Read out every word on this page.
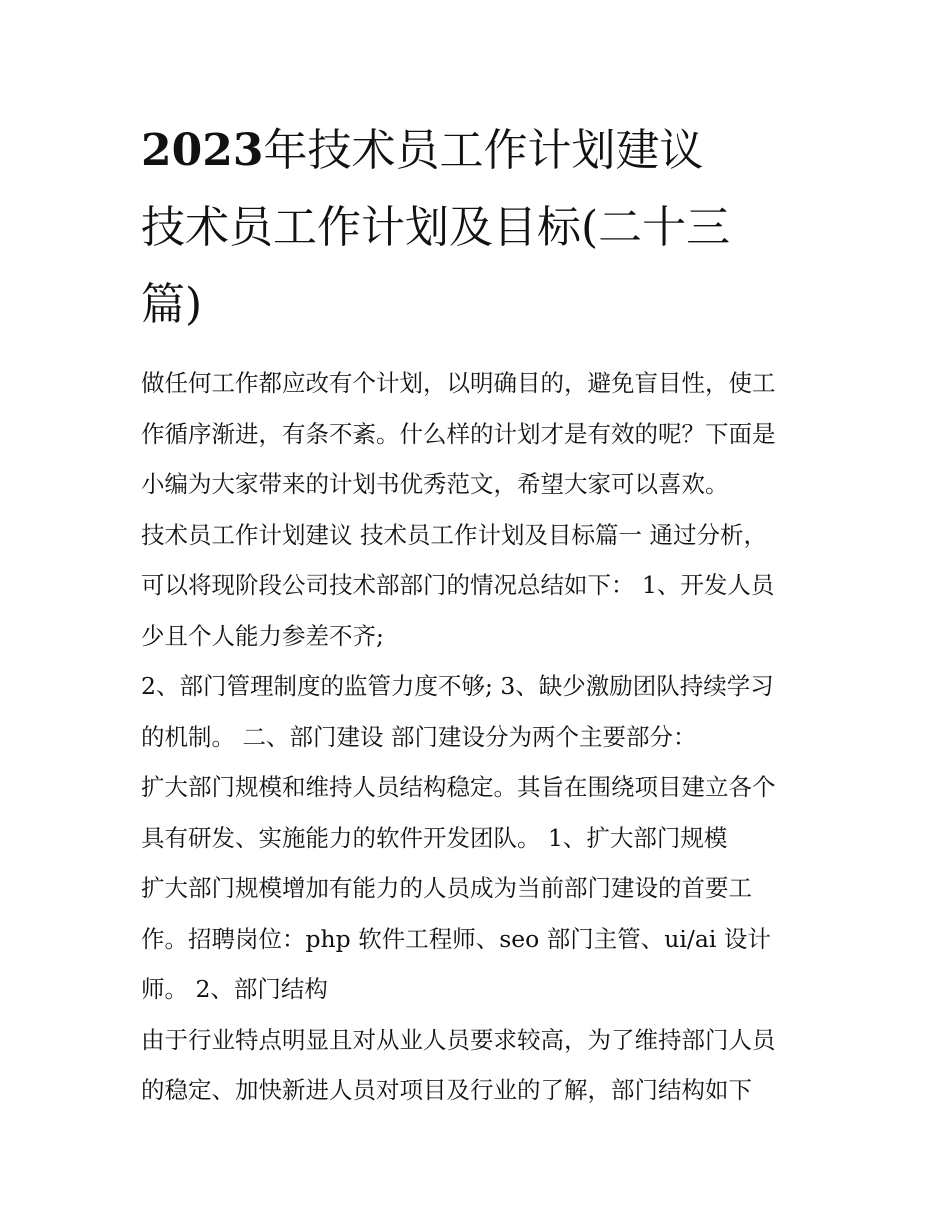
2023年技术员工作计划建议
技术员工作计划及目标(二十三
篇)
做任何工作都应改有个计划，以明确目的，避免盲目性，使工
作循序渐进，有条不紊。什么样的计划才是有效的呢？下面是
小编为大家带来的计划书优秀范文，希望大家可以喜欢。
技术员工作计划建议 技术员工作计划及目标篇一 通过分析，
可以将现阶段公司技术部部门的情况总结如下： 1、开发人员
少且个人能力参差不齐;
2、部门管理制度的监管力度不够; 3、缺少激励团队持续学习
的机制。 二、部门建设 部门建设分为两个主要部分：
扩大部门规模和维持人员结构稳定。其旨在围绕项目建立各个
具有研发、实施能力的软件开发团队。 1、扩大部门规模
扩大部门规模增加有能力的人员成为当前部门建设的首要工
作。招聘岗位：php 软件工程师、seo 部门主管、ui/ai 设计
师。 2、部门结构
由于行业特点明显且对从业人员要求较高，为了维持部门人员
的稳定、加快新进人员对项目及行业的了解，部门结构如下
